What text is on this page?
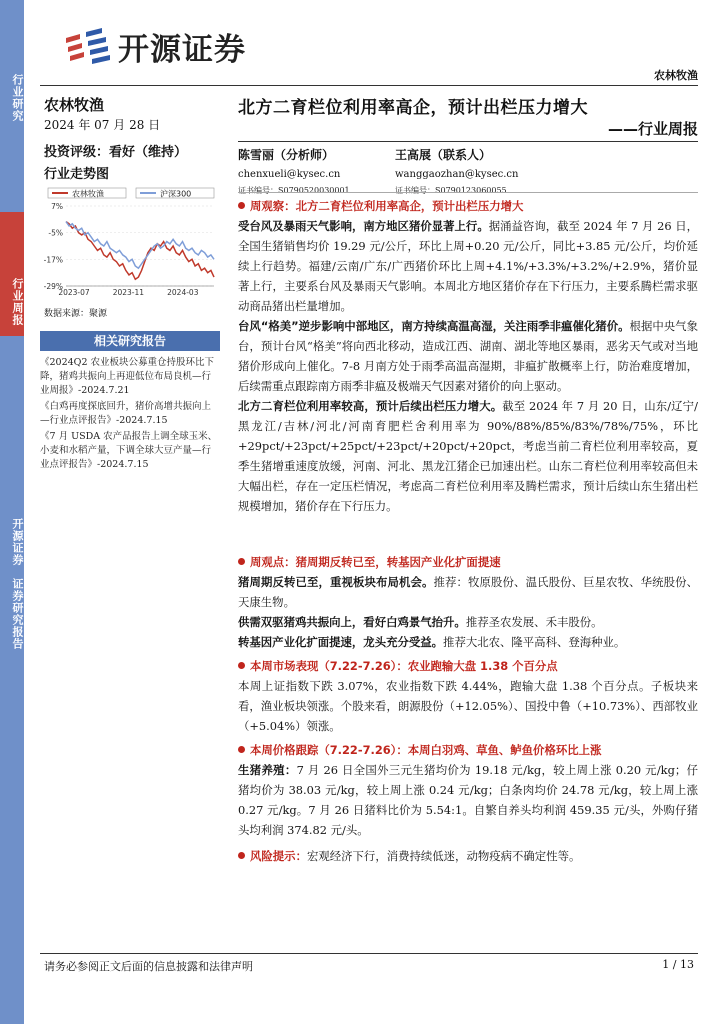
行业研究
行业周报
开源证券
证券研究报告
开源证券
农林牧渔
农林牧渔
2024 年 07 月 28 日
投资评级：看好（维持）
行业走势图
农林牧渔	沪深300
7%
-5%
-17%
-29%
2023-07	2023-11	2024-03
数据来源：聚源
相关研究报告

《2024Q2 农业板块公募重仓持股环比下降，猪鸡共振向上再迎低位布局良机—行业周报》-2024.7.21

《白鸡再度探底回升，猪价高增共振向上—行业点评报告》-2024.7.15

《7 月 USDA 农产品报告上调全球玉米、小麦和水稻产量，下调全球大豆产量—行业点评报告》-2024.7.15

北方二育栏位利用率高企，预计出栏压力增大
——行业周报
陈雪丽（分析师）
chenxueli@kysec.cn
证书编号：S0790520030001
王高展（联系人）
wanggaozhan@kysec.cn
证书编号：S0790123060055
周观察：北方二育栏位利用率高企，预计出栏压力增大
受台风及暴雨天气影响，南方地区猪价显著上行。据涌益咨询，截至 2024 年 7 月 26 日，全国生猪销售均价 19.29 元/公斤，环比上周+0.20 元/公斤，同比+3.85 元/公斤，均价延续上行趋势。福建/云南/广东/广西猪价环比上周+4.1%/+3.3%/+3.2%/+2.9%，猪价显著上行，主要系台风及暴雨天气影响。本周北方地区猪价存在下行压力，主要系腾栏需求驱动商品猪出栏量增加。
台风“格美”逆步影响中部地区，南方持续高温高湿，关注雨季非瘟催化猪价。根据中央气象台，预计台风“格美”将向西北移动，造成江西、湖南、湖北等地区暴雨，恶劣天气或对当地猪价形成向上催化。7-8 月南方处于雨季高温高湿期，非瘟扩散概率上行，防治难度增加，后续需重点跟踪南方雨季非瘟及极端天气因素对猪价的向上驱动。
北方二育栏位利用率较高，预计后续出栏压力增大。截至 2024 年 7 月 20 日，山东/辽宁/黑龙江/吉林/河北/河南育肥栏舍利用率为 90%/88%/85%/83%/78%/75%，环比+29pct/+23pct/+25pct/+23pct/+20pct/+20pct，考虑当前二育栏位利用率较高，夏季生猪增重速度放缓，河南、河北、黑龙江猪企已加速出栏。山东二育栏位利用率较高但未大幅出栏，存在一定压栏情况，考虑高二育栏位利用率及腾栏需求，预计后续山东生猪出栏规模增加，猪价存在下行压力。
周观点：猪周期反转已至，转基因产业化扩面提速
猪周期反转已至，重视板块布局机会。推荐：牧原股份、温氏股份、巨星农牧、华统股份、天康生物。
供需双驱猪鸡共振向上，看好白鸡景气抬升。推荐圣农发展、禾丰股份。
转基因产业化扩面提速，龙头充分受益。推荐大北农、隆平高科、登海种业。
本周市场表现（7.22-7.26）：农业跑输大盘 1.38 个百分点
本周上证指数下跌 3.07%，农业指数下跌 4.44%，跑输大盘 1.38 个百分点。子板块来看，渔业板块领涨。个股来看，朗源股份（+12.05%）、国投中鲁（+10.73%）、西部牧业（+5.04%）领涨。
本周价格跟踪（7.22-7.26）：本周白羽鸡、草鱼、鲈鱼价格环比上涨
生猪养殖：7 月 26 日全国外三元生猪均价为 19.18 元/kg，较上周上涨 0.20 元/kg；仔猪均价为 38.03 元/kg，较上周上涨 0.24 元/kg；白条肉均价 24.78 元/kg，较上周上涨 0.27 元/kg。7 月 26 日猪料比价为 5.54:1。自繁自养头均利润 459.35 元/头，外购仔猪头均利润 374.82 元/头。
风险提示：宏观经济下行，消费持续低迷，动物疫病不确定性等。
请务必参阅正文后面的信息披露和法律声明	1 / 13
